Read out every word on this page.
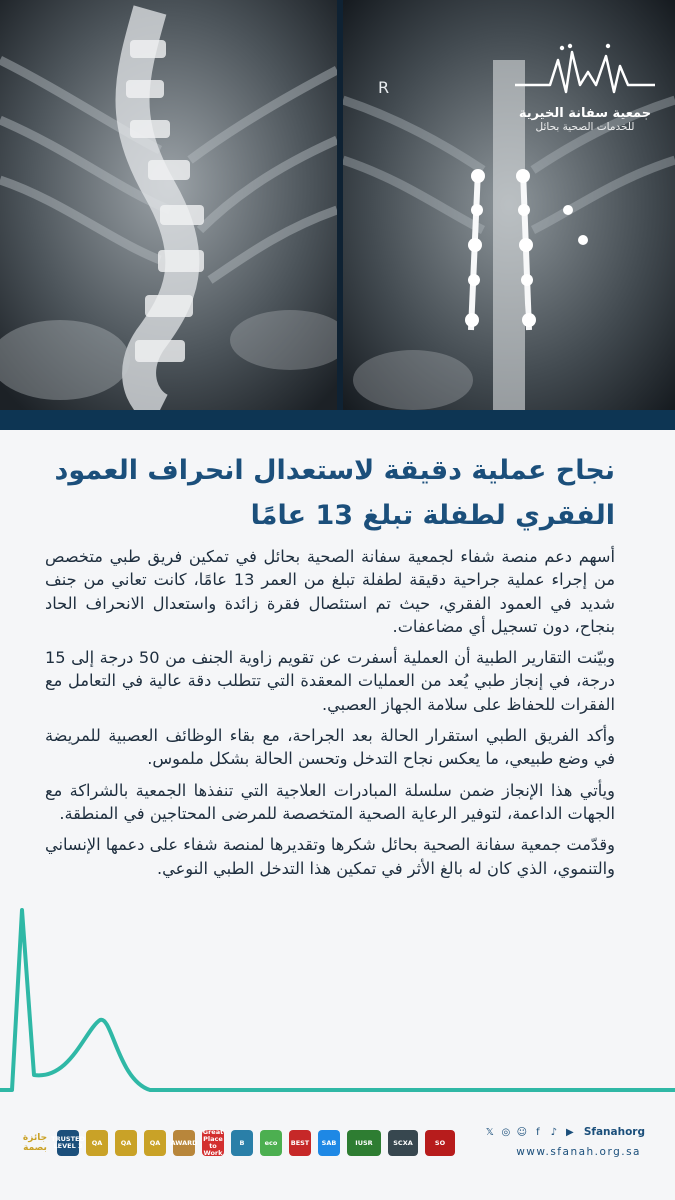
R
جمعية سفانة الخيرية
للخدمات الصحية بحائل
نجاح عملية دقيقة لاستعدال انحراف العمود الفقري لطفلة تبلغ 13 عامًا

أسهم دعم منصة شفاء لجمعية سفانة الصحية بحائل في تمكين فريق طبي متخصص من إجراء عملية جراحية دقيقة لطفلة تبلغ من العمر 13 عامًا، كانت تعاني من جنف شديد في العمود الفقري، حيث تم استئصال فقرة زائدة واستعدال الانحراف الحاد بنجاح، دون تسجيل أي مضاعفات.

وبيّنت التقارير الطبية أن العملية أسفرت عن تقويم زاوية الجنف من 50 درجة إلى 15 درجة، في إنجاز طبي يُعد من العمليات المعقدة التي تتطلب دقة عالية في التعامل مع الفقرات للحفاظ على سلامة الجهاز العصبي.

وأكد الفريق الطبي استقرار الحالة بعد الجراحة، مع بقاء الوظائف العصبية للمريضة في وضع طبيعي، ما يعكس نجاح التدخل وتحسن الحالة بشكل ملموس.

ويأتي هذا الإنجاز ضمن سلسلة المبادرات العلاجية التي تنفذها الجمعية بالشراكة مع الجهات الداعمة، لتوفير الرعاية الصحية المتخصصة للمرضى المحتاجين في المنطقة.

وقدّمت جمعية سفانة الصحية بحائل شكرها وتقديرها لمنصة شفاء على دعمها الإنساني والتنموي، الذي كان له بالغ الأثر في تمكين هذا التدخل الطبي النوعي.

جائزة بصمة
TRUSTED LEVEL 3	QA	QA	QA	AWARD
Great Place to Work
B	eco	BEST	SAB	IUSR	SCXA	SO
𝕏 ◎ ☺ f	♪ ▶ Sfanahorg
www.sfanah.org.sa
